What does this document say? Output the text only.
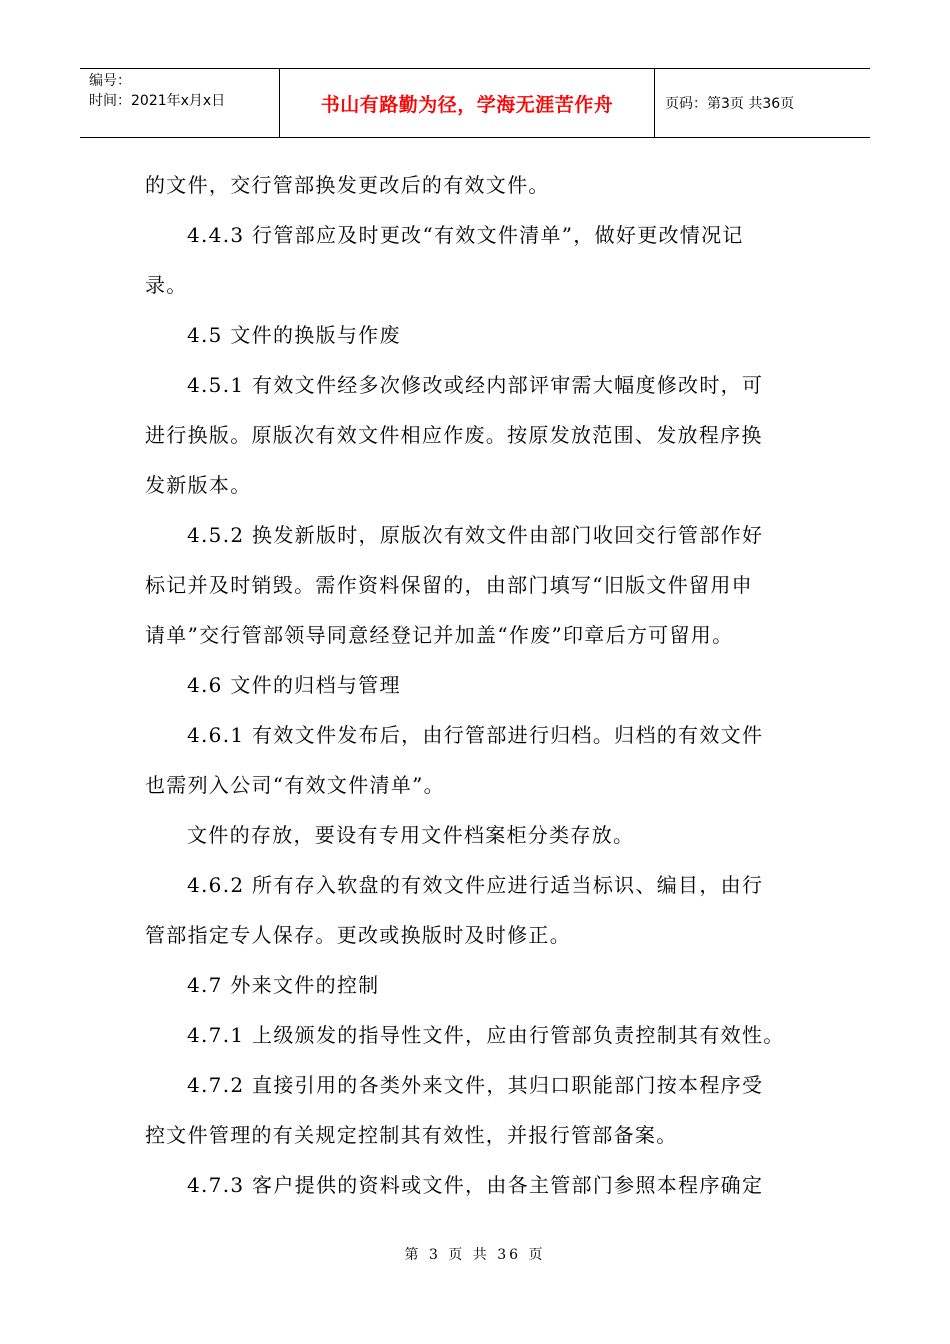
编号：
时间：2021年x月x日	书山有路勤为径，学海无涯苦作舟	页码：第3页 共36页
的文件，交行管部换发更改后的有效文件。
4.4.3 行管部应及时更改“有效文件清单”，做好更改情况记
录。
4.5 文件的换版与作废
4.5.1 有效文件经多次修改或经内部评审需大幅度修改时，可
进行换版。原版次有效文件相应作废。按原发放范围、发放程序换
发新版本。
4.5.2 换发新版时，原版次有效文件由部门收回交行管部作好
标记并及时销毁。需作资料保留的，由部门填写“旧版文件留用申
请单”交行管部领导同意经登记并加盖“作废”印章后方可留用。
4.6 文件的归档与管理
4.6.1 有效文件发布后，由行管部进行归档。归档的有效文件
也需列入公司“有效文件清单”。
文件的存放，要设有专用文件档案柜分类存放。
4.6.2 所有存入软盘的有效文件应进行适当标识、编目，由行
管部指定专人保存。更改或换版时及时修正。
4.7 外来文件的控制
4.7.1 上级颁发的指导性文件，应由行管部负责控制其有效性。
4.7.2 直接引用的各类外来文件，其归口职能部门按本程序受
控文件管理的有关规定控制其有效性，并报行管部备案。
4.7.3 客户提供的资料或文件，由各主管部门参照本程序确定
第 3 页 共 36 页
